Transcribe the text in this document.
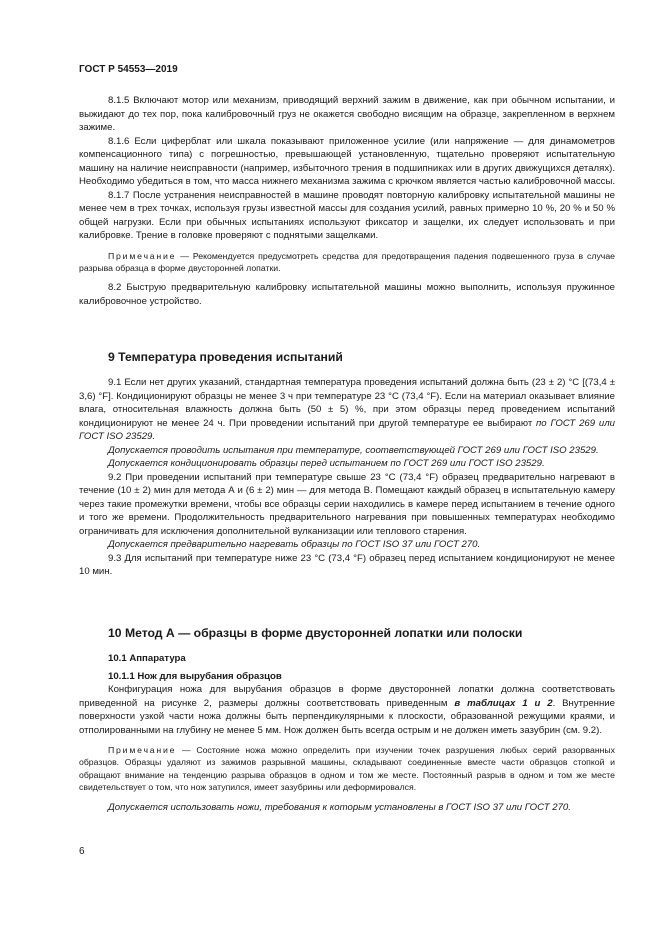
ГОСТ Р 54553—2019

8.1.5 Включают мотор или механизм, приводящий верхний зажим в движение, как при обычном испытании, и выжидают до тех пор, пока калибровочный груз не окажется свободно висящим на образце, закрепленном в верхнем зажиме.

8.1.6 Если циферблат или шкала показывают приложенное усилие (или напряжение — для динамометров компенсационного типа) с погрешностью, превышающей установленную, тщательно проверяют испытательную машину на наличие неисправности (например, избыточного трения в подшипниках или в других движущихся деталях). Необходимо убедиться в том, что масса нижнего механизма зажима с крючком является частью калибровочной массы.

8.1.7 После устранения неисправностей в машине проводят повторную калибровку испытательной машины не менее чем в трех точках, используя грузы известной массы для создания усилий, равных примерно 10 %, 20 % и 50 % общей нагрузки. Если при обычных испытаниях используют фиксатор и защелки, их следует использовать и при калибровке. Трение в головке проверяют с поднятыми защелками.

Примечание — Рекомендуется предусмотреть средства для предотвращения падения подвешенного груза в случае разрыва образца в форме двусторонней лопатки.

8.2 Быструю предварительную калибровку испытательной машины можно выполнить, используя пружинное калибровочное устройство.

9 Температура проведения испытаний

9.1 Если нет других указаний, стандартная температура проведения испытаний должна быть (23 ± 2) °С [(73,4 ± 3,6) °F]. Кондиционируют образцы не менее 3 ч при температуре 23 °С (73,4 °F). Если на материал оказывает влияние влага, относительная влажность должна быть (50 ± 5) %, при этом образцы перед проведением испытаний кондиционируют не менее 24 ч. При проведении испытаний при другой температуре ее выбирают по ГОСТ 269 или ГОСТ ISO 23529.

Допускается проводить испытания при температуре, соответствующей ГОСТ 269 или ГОСТ ISO 23529.

Допускается кондиционировать образцы перед испытанием по ГОСТ 269 или ГОСТ ISO 23529.

9.2 При проведении испытаний при температуре свыше 23 °С (73,4 °F) образец предварительно нагревают в течение (10 ± 2) мин для метода А и (6 ± 2) мин — для метода В. Помещают каждый образец в испытательную камеру через такие промежутки времени, чтобы все образцы серии находились в камере перед испытанием в течение одного и того же времени. Продолжительность предварительного нагревания при повышенных температурах необходимо ограничивать для исключения дополнительной вулканизации или теплового старения.

Допускается предварительно нагревать образцы по ГОСТ ISO 37 или ГОСТ 270.

9.3 Для испытаний при температуре ниже 23 °С (73,4 °F) образец перед испытанием кондиционируют не менее 10 мин.

10 Метод А — образцы в форме двусторонней лопатки или полоски
10.1 Аппаратура
10.1.1 Нож для вырубания образцов

Конфигурация ножа для вырубания образцов в форме двусторонней лопатки должна соответствовать приведенной на рисунке 2, размеры должны соответствовать приведенным в таблицах 1 и 2. Внутренние поверхности узкой части ножа должны быть перпендикулярными к плоскости, образованной режущими краями, и отполированными на глубину не менее 5 мм. Нож должен быть всегда острым и не должен иметь зазубрин (см. 9.2).

Примечание — Состояние ножа можно определить при изучении точек разрушения любых серий разорванных образцов. Образцы удаляют из зажимов разрывной машины, складывают соединенные вместе части образцов стопкой и обращают внимание на тенденцию разрыва образцов в одном и том же месте. Постоянный разрыв в одном и том же месте свидетельствует о том, что нож затупился, имеет зазубрины или деформировался.

Допускается использовать ножи, требования к которым установлены в ГОСТ ISO 37 или ГОСТ 270.

6
